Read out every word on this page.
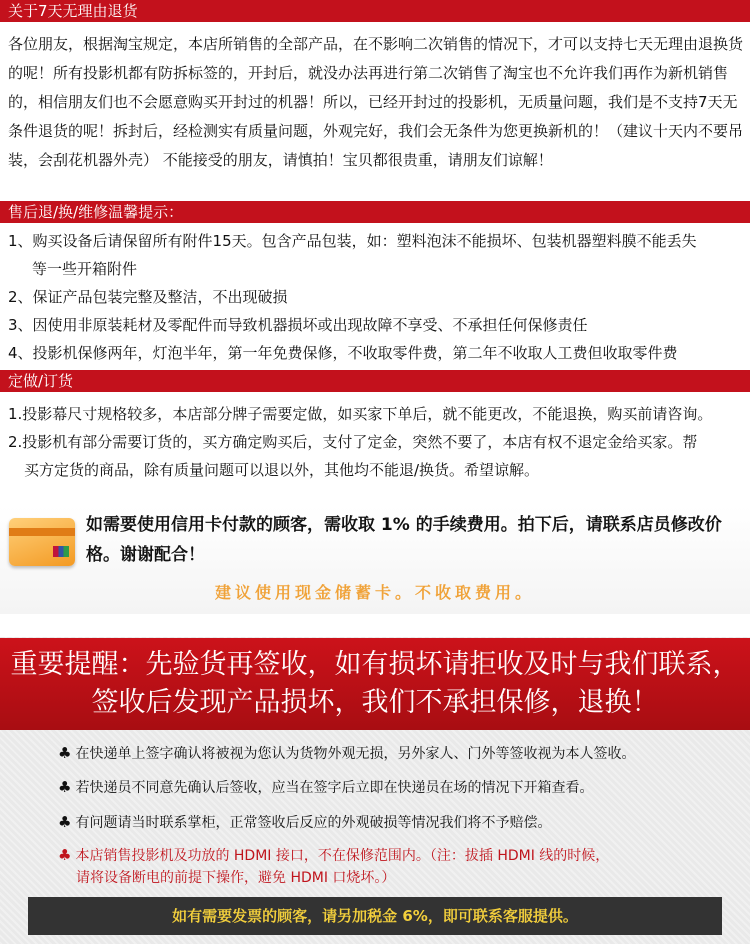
关于7天无理由退货

各位朋友，根据淘宝规定，本店所销售的全部产品，在不影响二次销售的情况下，才可以支持七天无理由退换货的呢！所有投影机都有防拆标签的，开封后，就没办法再进行第二次销售了淘宝也不允许我们再作为新机销售的，相信朋友们也不会愿意购买开封过的机器！所以，已经开封过的投影机，无质量问题，我们是不支持7天无条件退货的呢！拆封后，经检测实有质量问题，外观完好，我们会无条件为您更换新机的！（建议十天内不要吊装，会刮花机器外壳） 不能接受的朋友，请慎拍！宝贝都很贵重，请朋友们谅解！

售后退/换/维修温馨提示：
1、购买设备后请保留所有附件15天。包含产品包装，如：塑料泡沫不能损坏、包装机器塑料膜不能丢失
等一些开箱附件
2、保证产品包装完整及整洁，不出现破损
3、因使用非原装耗材及零配件而导致机器损坏或出现故障不享受、不承担任何保修责任
4、投影机保修两年，灯泡半年，第一年免费保修，不收取零件费，第二年不收取人工费但收取零件费
定做/订货
1.投影幕尺寸规格较多，本店部分牌子需要定做，如买家下单后，就不能更改，不能退换，购买前请咨询。
2.投影机有部分需要订货的，买方确定购买后，支付了定金，突然不要了，本店有权不退定金给买家。帮
买方定货的商品，除有质量问题可以退以外，其他均不能退/换货。希望谅解。
如需要使用信用卡付款的顾客，需收取 1% 的手续费用。拍下后，请联系店员修改价格。谢谢配合！
建议使用现金储蓄卡。不收取费用。
重要提醒：先验货再签收，如有损坏请拒收及时与我们联系，
签收后发现产品损坏，我们不承担保修，退换！
♣ 在快递单上签字确认将被视为您认为货物外观无损，另外家人、门外等签收视为本人签收。
♣ 若快递员不同意先确认后签收，应当在签字后立即在快递员在场的情况下开箱查看。
♣ 有问题请当时联系掌柜，正常签收后反应的外观破损等情况我们将不予赔偿。
♣ 本店销售投影机及功放的 HDMI 接口，不在保修范围内。（注：拔插 HDMI 线的时候，
请将设备断电的前提下操作，避免 HDMI 口烧坏。）
如有需要发票的顾客，请另加税金 6%，即可联系客服提供。
